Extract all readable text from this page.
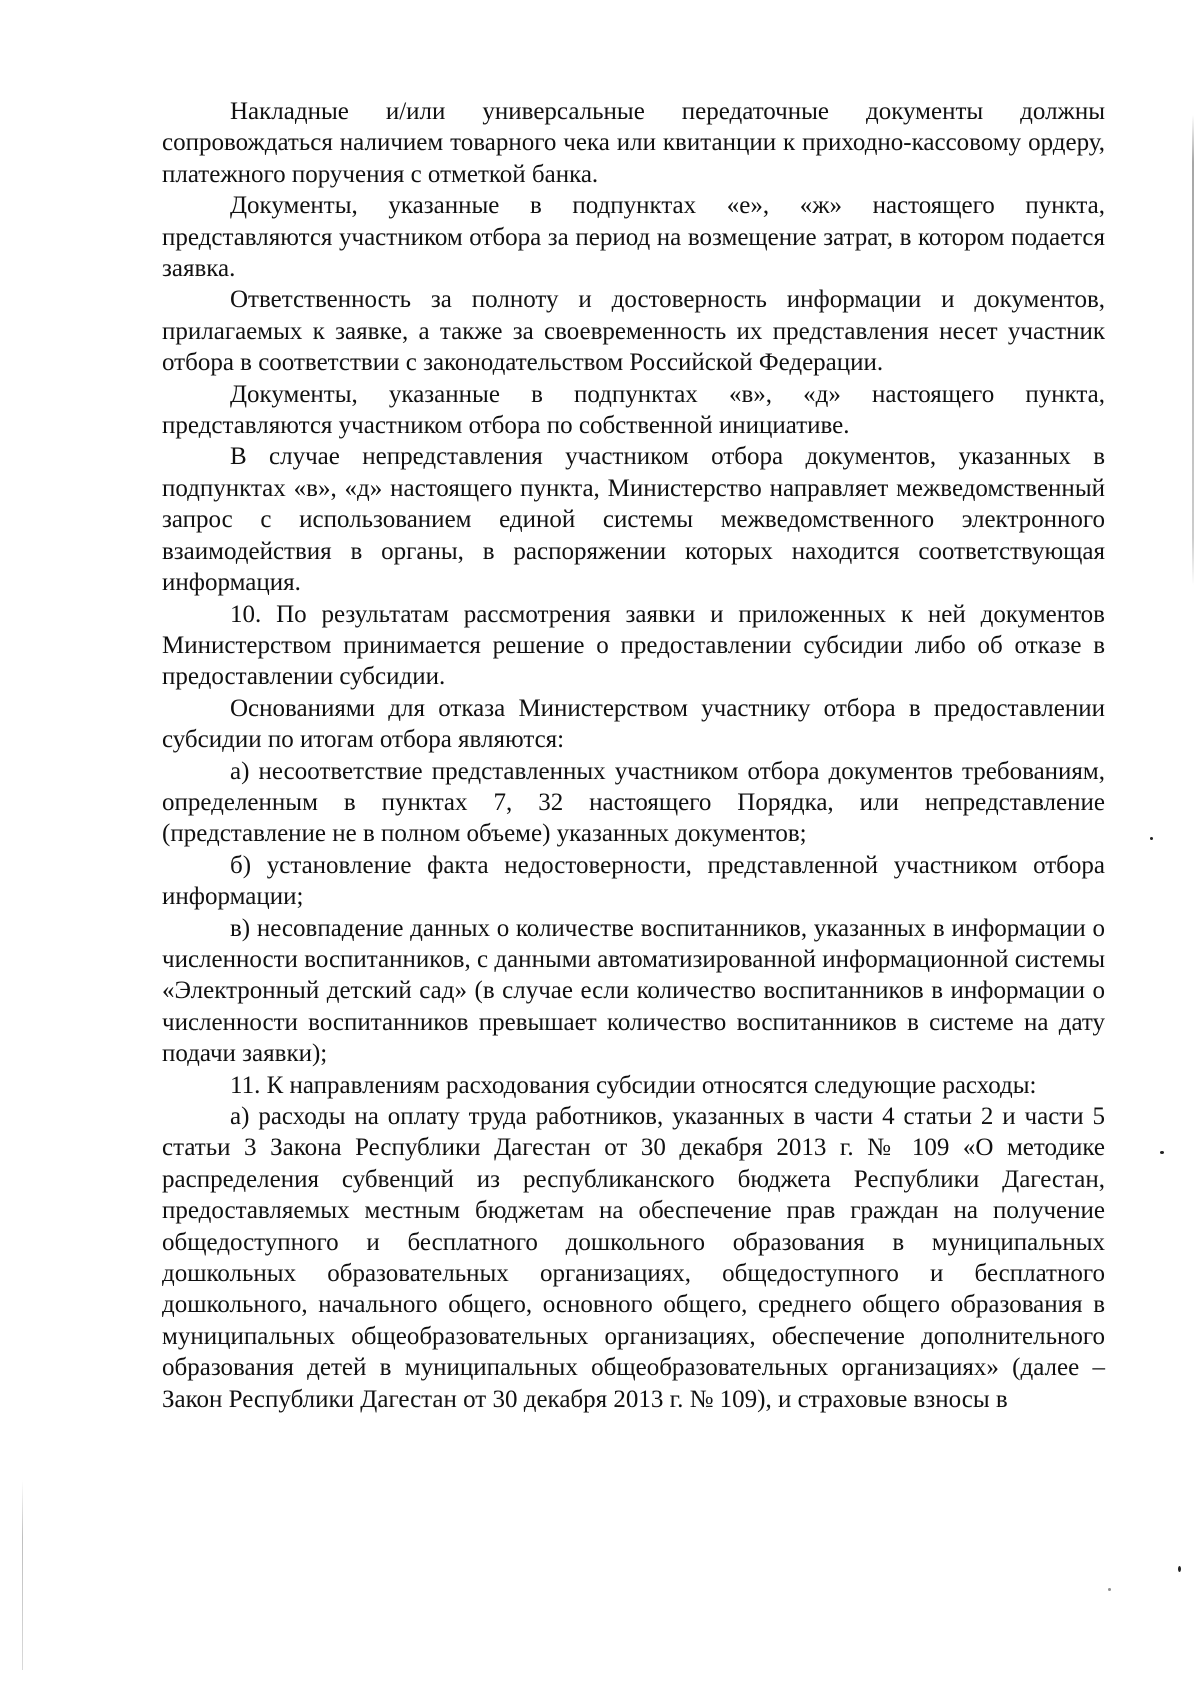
Накладные и/или универсальные передаточные документы должны сопровождаться наличием товарного чека или квитанции к приходно-кассовому ордеру, платежного поручения с отметкой банка.

Документы, указанные в подпунктах «е», «ж» настоящего пункта, представляются участником отбора за период на возмещение затрат, в котором подается заявка.

Ответственность за полноту и достоверность информации и документов, прилагаемых к заявке, а также за своевременность их представления несет участник отбора в соответствии с законодательством Российской Федерации.

Документы, указанные в подпунктах «в», «д» настоящего пункта, представляются участником отбора по собственной инициативе.

В случае непредставления участником отбора документов, указанных в подпунктах «в», «д» настоящего пункта, Министерство направляет межведомственный запрос с использованием единой системы межведомственного электронного взаимодействия в органы, в распоряжении которых находится соответствующая информация.

10. По результатам рассмотрения заявки и приложенных к ней документов Министерством принимается решение о предоставлении субсидии либо об отказе в предоставлении субсидии.

Основаниями для отказа Министерством участнику отбора в предоставлении субсидии по итогам отбора являются:

а) несоответствие представленных участником отбора документов требованиям, определенным в пунктах 7, 32 настоящего Порядка, или непредставление (представление не в полном объеме) указанных документов;

б) установление факта недостоверности, представленной участником отбора информации;

в) несовпадение данных о количестве воспитанников, указанных в информации о численности воспитанников, с данными автоматизированной информационной системы «Электронный детский сад» (в случае если количество воспитанников в информации о численности воспитанников превышает количество воспитанников в системе на дату подачи заявки);

11. К направлениям расходования субсидии относятся следующие расходы:

а) расходы на оплату труда работников, указанных в части 4 статьи 2 и части 5 статьи 3 Закона Республики Дагестан от 30 декабря 2013 г. № 109 «О методике распределения субвенций из республиканского бюджета Республики Дагестан, предоставляемых местным бюджетам на обеспечение прав граждан на получение общедоступного и бесплатного дошкольного образования в муниципальных дошкольных образовательных организациях, общедоступного и бесплатного дошкольного, начального общего, основного общего, среднего общего образования в муниципальных общеобразовательных организациях, обеспечение дополнительного образования детей в муниципальных общеобразовательных организациях» (далее – Закон Республики Дагестан от 30 декабря 2013 г. № 109), и страховые взносы в
